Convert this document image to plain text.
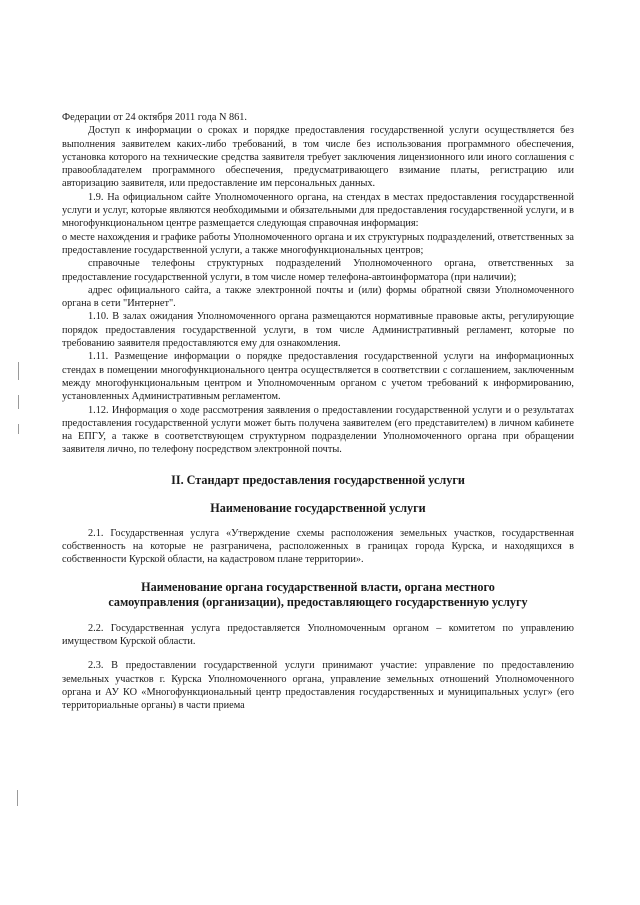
Федерации от 24 октября 2011 года N 861.

Доступ к информации о сроках и порядке предоставления государственной услуги осуществляется без выполнения заявителем каких-либо требований, в том числе без использования программного обеспечения, установка которого на технические средства заявителя требует заключения лицензионного или иного соглашения с правообладателем программного обеспечения, предусматривающего взимание платы, регистрацию или авторизацию заявителя, или предоставление им персональных данных.

1.9. На официальном сайте Уполномоченного органа, на стендах в местах предоставления государственной услуги и услуг, которые являются необходимыми и обязательными для предоставления государственной услуги, и в многофункциональном центре размещается следующая справочная информация:

о месте нахождения и графике работы Уполномоченного органа и их структурных подразделений, ответственных за предоставление государственной услуги, а также многофункциональных центров;

справочные телефоны структурных подразделений Уполномоченного органа, ответственных за предоставление государственной услуги, в том числе номер телефона-автоинформатора (при наличии);

адрес официального сайта, а также электронной почты и (или) формы обратной связи Уполномоченного органа в сети "Интернет".

1.10. В залах ожидания Уполномоченного органа размещаются нормативные правовые акты, регулирующие порядок предоставления государственной услуги, в том числе Административный регламент, которые по требованию заявителя предоставляются ему для ознакомления.

1.11. Размещение информации о порядке предоставления государственной услуги на информационных стендах в помещении многофункционального центра осуществляется в соответствии с соглашением, заключенным между многофункциональным центром и Уполномоченным органом с учетом требований к информированию, установленных Административным регламентом.

1.12. Информация о ходе рассмотрения заявления о предоставлении государственной услуги и о результатах предоставления государственной услуги может быть получена заявителем (его представителем) в личном кабинете на ЕПГУ, а также в соответствующем структурном подразделении Уполномоченного органа при обращении заявителя лично, по телефону посредством электронной почты.

II. Стандарт предоставления государственной услуги
Наименование государственной услуги

2.1. Государственная услуга «Утверждение схемы расположения земельных участков, государственная собственность на которые не разграничена, расположенных в границах города Курска, и находящихся в собственности Курской области, на кадастровом плане территории».

Наименование органа государственной власти, органа местного
самоуправления (организации), предоставляющего государственную услугу

2.2. Государственная услуга предоставляется Уполномоченным органом – комитетом по управлению имуществом Курской области.

2.3. В предоставлении государственной услуги принимают участие: управление по предоставлению земельных участков г. Курска Уполномоченного органа, управление земельных отношений Уполномоченного органа и АУ КО «Многофункциональный центр предоставления государственных и муниципальных услуг» (его территориальные органы) в части приема
